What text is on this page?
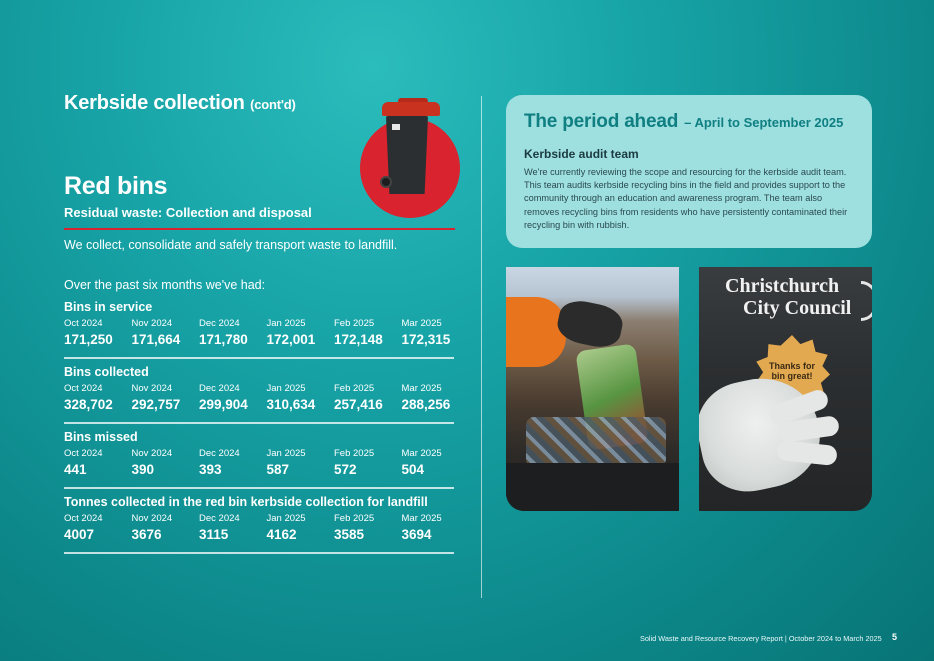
Kerbside collection (cont'd)
Red bins
Residual waste: Collection and disposal
We collect, consolidate and safely transport waste to landfill.
Over the past six months we've had:
Bins in service
Oct 2024
171,250
Nov 2024
171,664
Dec 2024
171,780
Jan 2025
172,001
Feb 2025
172,148
Mar 2025
172,315
Bins collected
Oct 2024
328,702
Nov 2024
292,757
Dec 2024
299,904
Jan 2025
310,634
Feb 2025
257,416
Mar 2025
288,256
Bins missed
Oct 2024
441
Nov 2024
390
Dec 2024
393
Jan 2025
587
Feb 2025
572
Mar 2025
504
Tonnes collected in the red bin kerbside collection for landfill
Oct 2024
4007
Nov 2024
3676
Dec 2024
3115
Jan 2025
4162
Feb 2025
3585
Mar 2025
3694
The period ahead – April to September 2025
Kerbside audit team
We're currently reviewing the scope and resourcing for the kerbside audit team. This team audits kerbside recycling bins in the field and provides support to the community through an education and awareness program. The team also removes recycling bins from residents who have persistently contaminated their recycling bin with rubbish.
Christchurch
City Council
Thanks for
bin great!
Solid Waste and Resource Recovery Report | October 2024 to March 2025 5
